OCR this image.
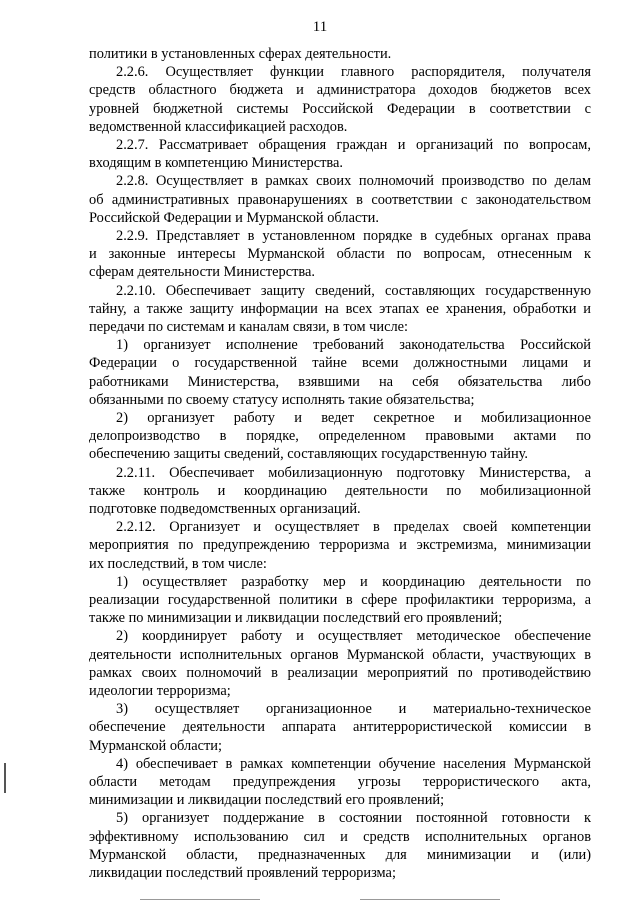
11
политики в установленных сферах деятельности.
2.2.6. Осуществляет функции главного распорядителя, получателя
средств областного бюджета и администратора доходов бюджетов всех
уровней бюджетной системы Российской Федерации в соответствии с
ведомственной классификацией расходов.
2.2.7. Рассматривает обращения граждан и организаций по вопросам,
входящим в компетенцию Министерства.
2.2.8. Осуществляет в рамках своих полномочий производство по делам
об административных правонарушениях в соответствии с законодательством
Российской Федерации и Мурманской области.
2.2.9. Представляет в установленном порядке в судебных органах права
и законные интересы Мурманской области по вопросам, отнесенным к
сферам деятельности Министерства.
2.2.10. Обеспечивает защиту сведений, составляющих государственную
тайну, а также защиту информации на всех этапах ее хранения, обработки и
передачи по системам и каналам связи, в том числе:
1) организует исполнение требований законодательства Российской
Федерации о государственной тайне всеми должностными лицами и
работниками Министерства, взявшими на себя обязательства либо
обязанными по своему статусу исполнять такие обязательства;
2) организует работу и ведет секретное и мобилизационное
делопроизводство в порядке, определенном правовыми актами по
обеспечению защиты сведений, составляющих государственную тайну.
2.2.11. Обеспечивает мобилизационную подготовку Министерства, а
также контроль и координацию деятельности по мобилизационной
подготовке подведомственных организаций.
2.2.12. Организует и осуществляет в пределах своей компетенции
мероприятия по предупреждению терроризма и экстремизма, минимизации
их последствий, в том числе:
1) осуществляет разработку мер и координацию деятельности по
реализации государственной политики в сфере профилактики терроризма, а
также по минимизации и ликвидации последствий его проявлений;
2) координирует работу и осуществляет методическое обеспечение
деятельности исполнительных органов Мурманской области, участвующих в
рамках своих полномочий в реализации мероприятий по противодействию
идеологии терроризма;
3) осуществляет организационное и материально-техническое
обеспечение деятельности аппарата антитеррористической комиссии в
Мурманской области;
4) обеспечивает в рамках компетенции обучение населения Мурманской
области методам предупреждения угрозы террористического акта,
минимизации и ликвидации последствий его проявлений;
5) организует поддержание в состоянии постоянной готовности к
эффективному использованию сил и средств исполнительных органов
Мурманской области, предназначенных для минимизации и (или)
ликвидации последствий проявлений терроризма;
